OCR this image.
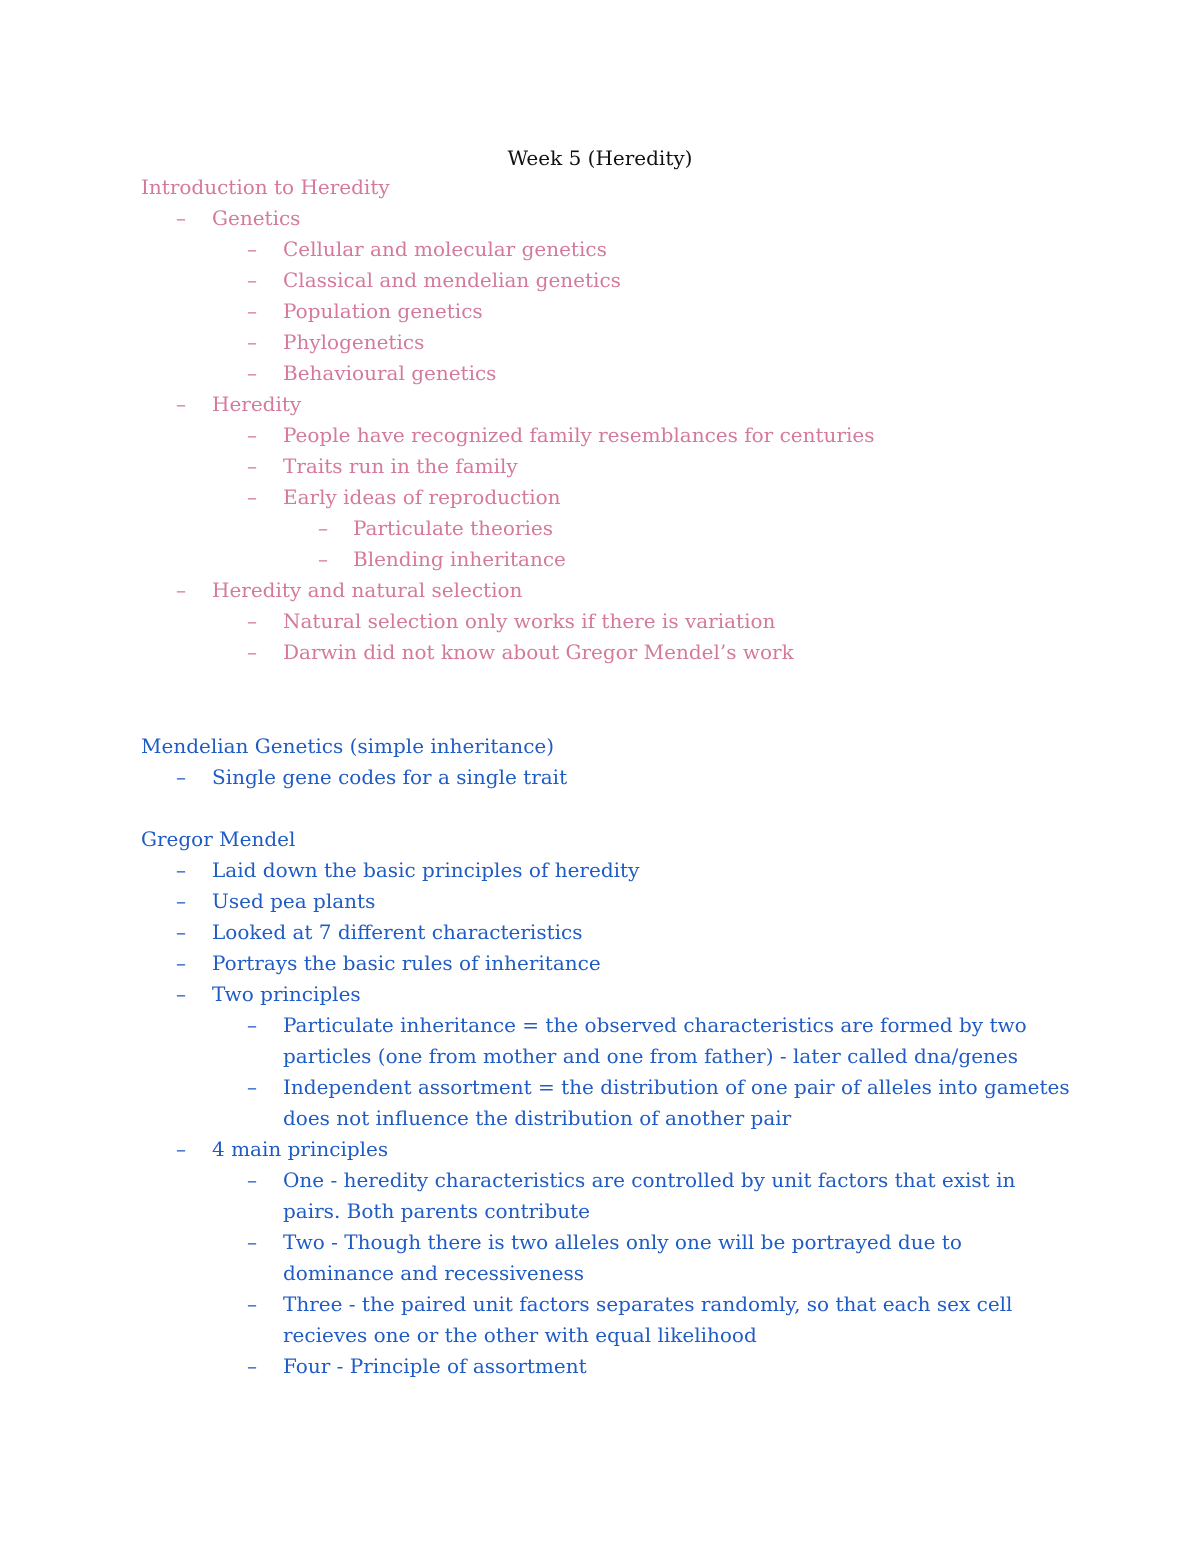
Week 5 (Heredity)
Introduction to Heredity
– Genetics
– Cellular and molecular genetics
– Classical and mendelian genetics
– Population genetics
– Phylogenetics
– Behavioural genetics
– Heredity
– People have recognized family resemblances for centuries
– Traits run in the family
– Early ideas of reproduction
– Particulate theories
– Blending inheritance
– Heredity and natural selection
– Natural selection only works if there is variation
– Darwin did not know about Gregor Mendel’s work
Mendelian Genetics (simple inheritance)
– Single gene codes for a single trait
Gregor Mendel
– Laid down the basic principles of heredity
– Used pea plants
– Looked at 7 different characteristics
– Portrays the basic rules of inheritance
– Two principles
– Particulate inheritance = the observed characteristics are formed by two
particles (one from mother and one from father) - later called dna/genes
– Independent assortment = the distribution of one pair of alleles into gametes
does not influence the distribution of another pair
– 4 main principles
– One - heredity characteristics are controlled by unit factors that exist in
pairs. Both parents contribute
– Two - Though there is two alleles only one will be portrayed due to
dominance and recessiveness
– Three - the paired unit factors separates randomly, so that each sex cell
recieves one or the other with equal likelihood
– Four - Principle of assortment
